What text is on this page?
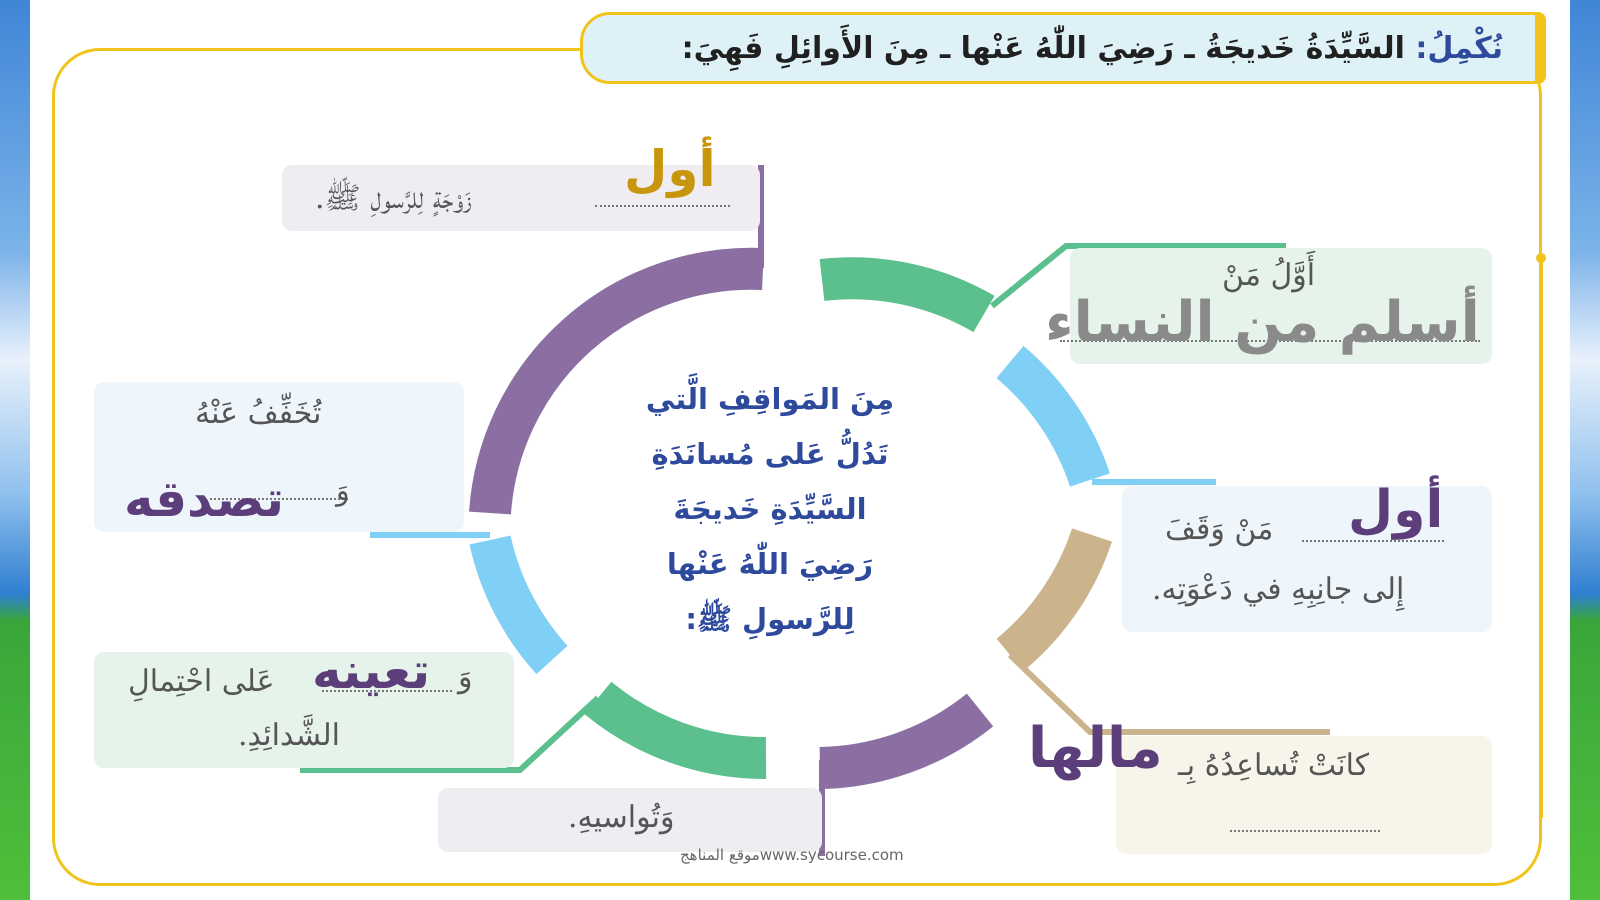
نُكْمِلُ: السَّيِّدَةُ خَديجَةُ ـ رَضِيَ اللّٰهُ عَنْها ـ مِنَ الأَوائِلِ فَهِيَ:
مِنَ المَواقِفِ الَّتي
تَدُلُّ عَلى مُسانَدَةِ
السَّيِّدَةِ خَديجَةَ
رَضِيَ اللّٰهُ عَنْها
لِلرَّسولِ ﷺ:
أول
زَوْجَةٍ لِلرَّسولِ ﷺ.
أَوَّلُ مَنْ
أسلم من النساء
أول
مَنْ وَقَفَ
إِلى جانِبِهِ في دَعْوَتِه.
كانَتْ تُساعِدُهُ بِـ
مالها
وَتُواسيهِ.
وَ
تعينه
عَلى احْتِمالِ
الشَّدائِدِ.
تُخَفِّفُ عَنْهُ
وَ
تصدقه
موقع المناهجwww.sycourse.com
